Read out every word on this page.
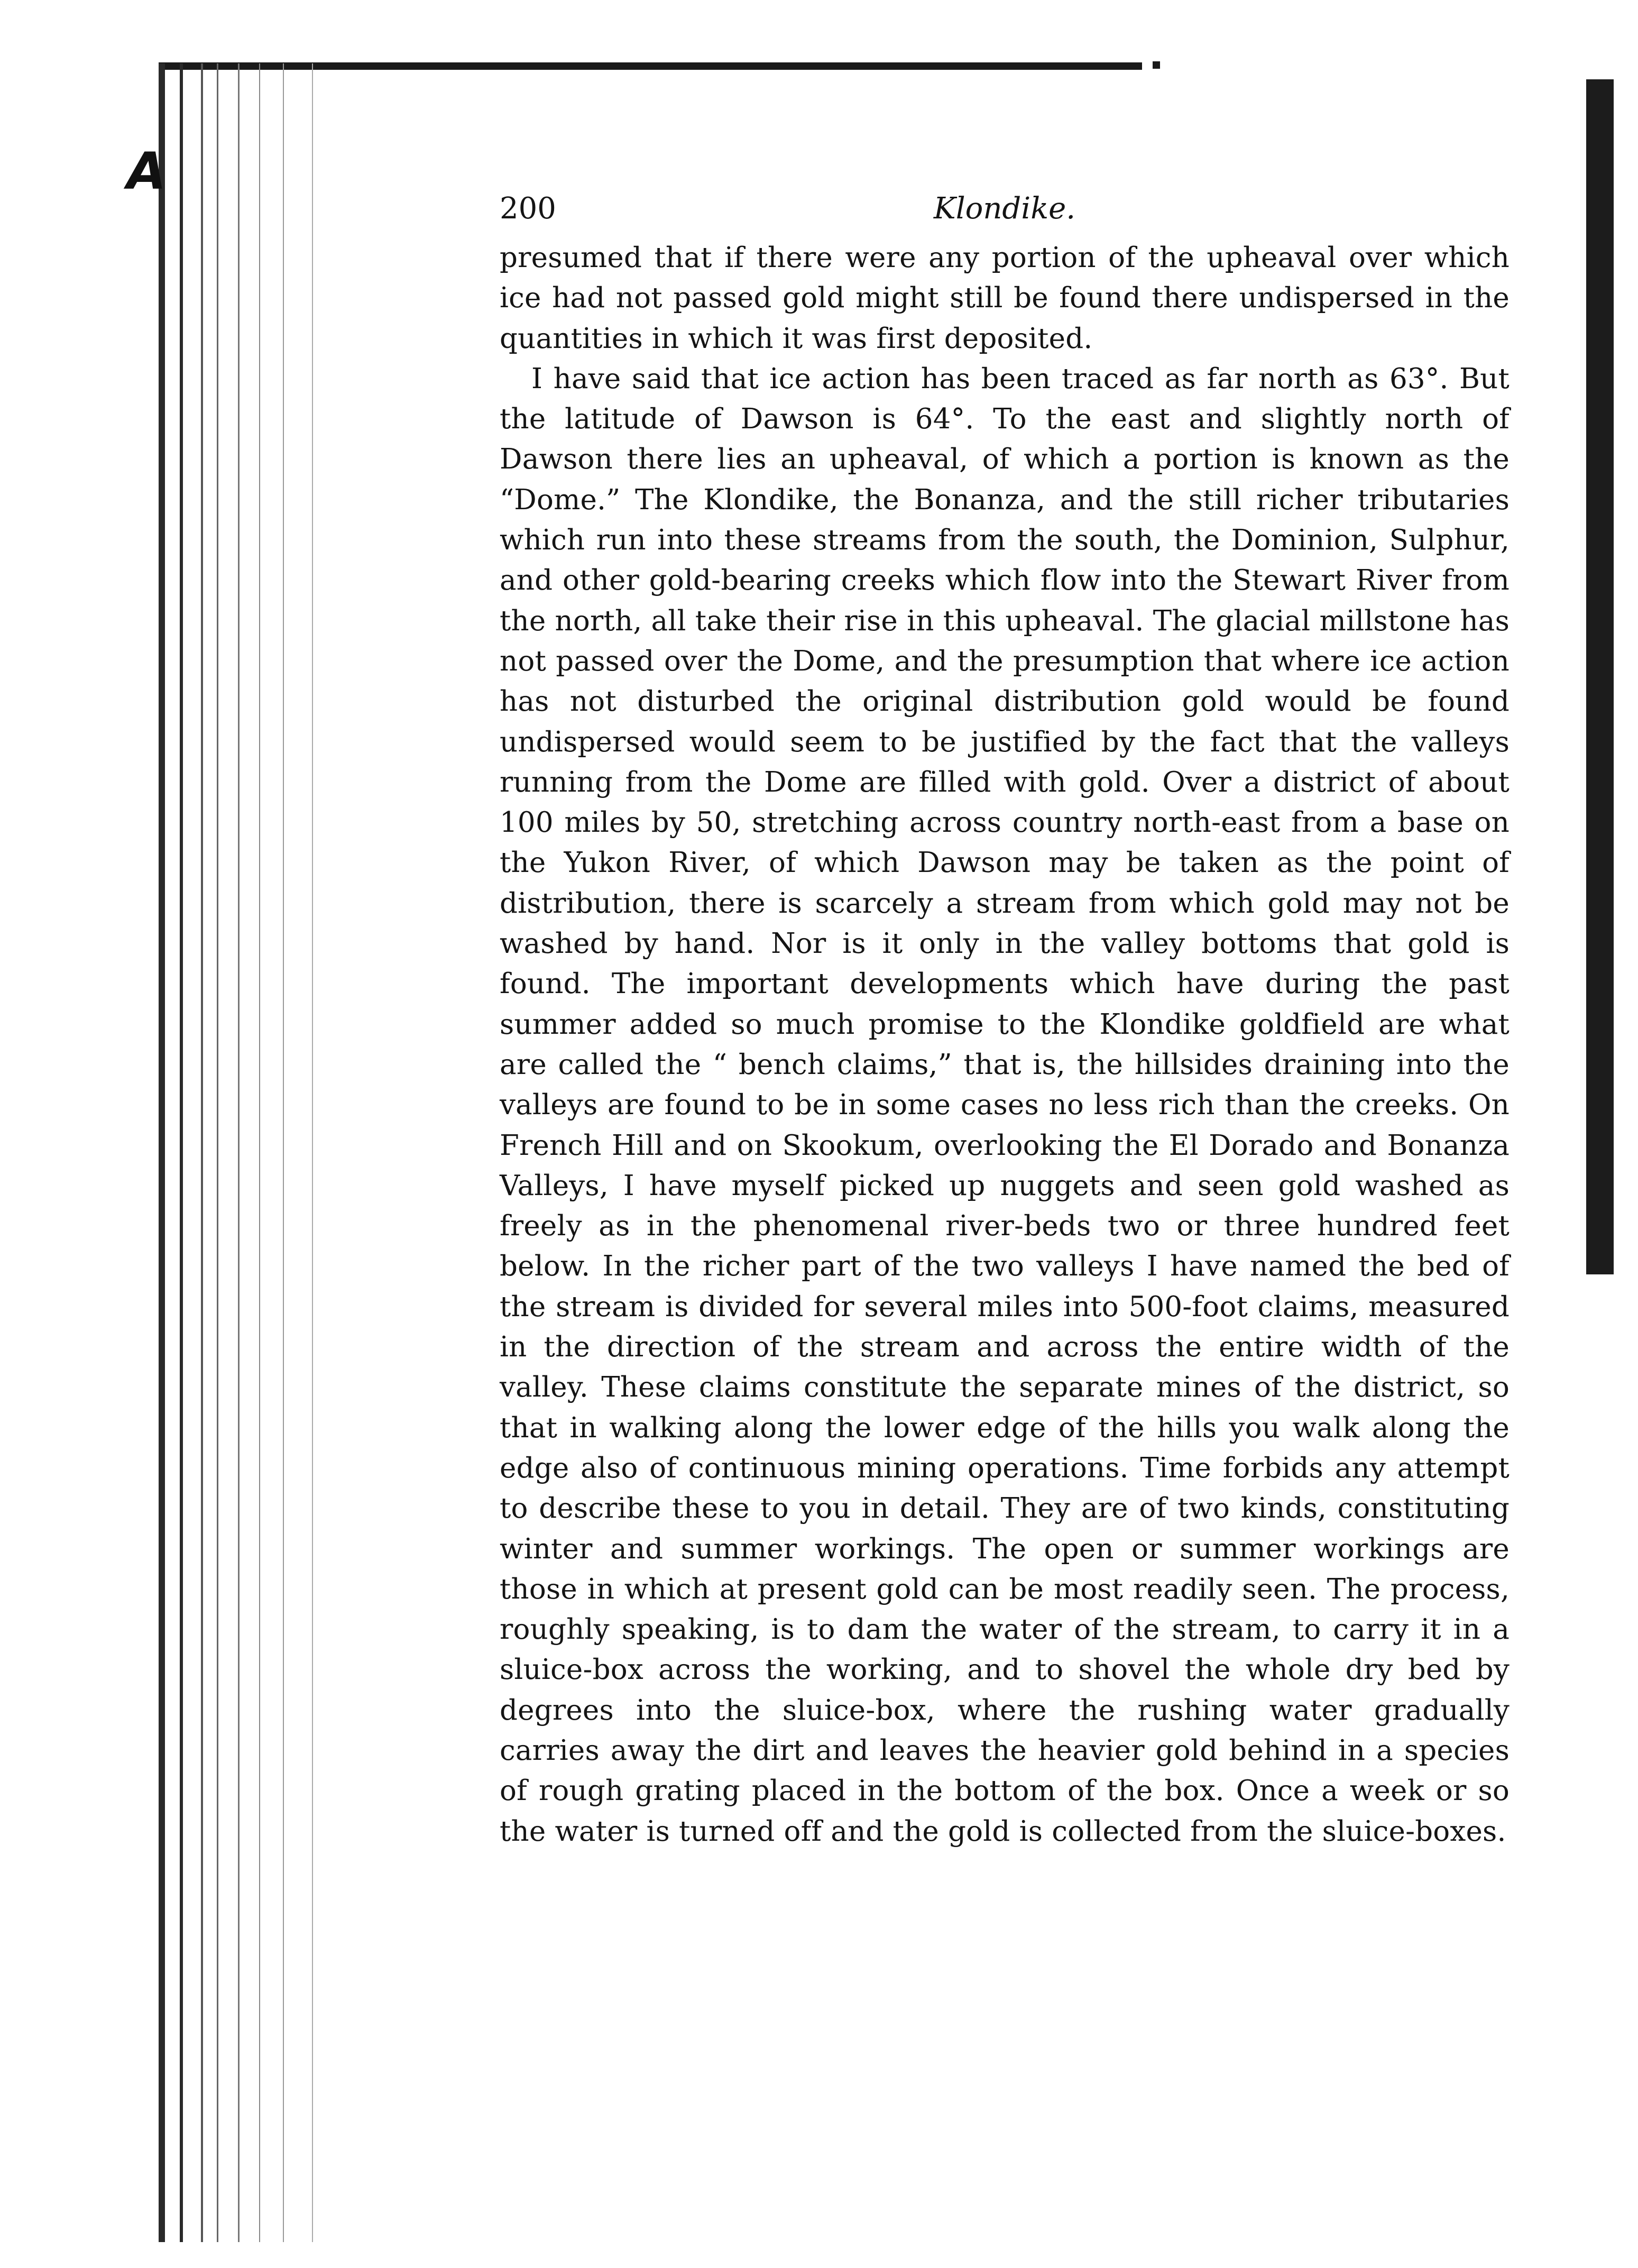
A
200	Klondike.

presumed that if there were any portion of the upheaval over which ice had not passed gold might still be found there undispersed in the quantities in which it was first deposited.

I have said that ice action has been traced as far north as 63°. But the latitude of Dawson is 64°. To the east and slightly north of Dawson there lies an upheaval, of which a portion is known as the “Dome.” The Klondike, the Bonanza, and the still richer tributaries which run into these streams from the south, the Dominion, Sulphur, and other gold-bearing creeks which flow into the Stewart River from the north, all take their rise in this upheaval. The glacial millstone has not passed over the Dome, and the presumption that where ice action has not disturbed the original distribution gold would be found undispersed would seem to be justified by the fact that the valleys running from the Dome are filled with gold. Over a district of about 100 miles by 50, stretching across country north-east from a base on the Yukon River, of which Dawson may be taken as the point of distribution, there is scarcely a stream from which gold may not be washed by hand. Nor is it only in the valley bottoms that gold is found. The important developments which have during the past summer added so much promise to the Klondike goldfield are what are called the “ bench claims,” that is, the hillsides draining into the valleys are found to be in some cases no less rich than the creeks. On French Hill and on Skookum, overlooking the El Dorado and Bonanza Valleys, I have myself picked up nuggets and seen gold washed as freely as in the phenomenal river-beds two or three hundred feet below. In the richer part of the two valleys I have named the bed of the stream is divided for several miles into 500-foot claims, measured in the direction of the stream and across the entire width of the valley. These claims constitute the separate mines of the district, so that in walking along the lower edge of the hills you walk along the edge also of continuous mining operations. Time forbids any attempt to describe these to you in detail. They are of two kinds, constituting winter and summer workings. The open or summer workings are those in which at present gold can be most readily seen. The process, roughly speaking, is to dam the water of the stream, to carry it in a sluice-box across the working, and to shovel the whole dry bed by degrees into the sluice-box, where the rushing water gradually carries away the dirt and leaves the heavier gold behind in a species of rough grating placed in the bottom of the box. Once a week or so the water is turned off and the gold is collected from the sluice-boxes.
